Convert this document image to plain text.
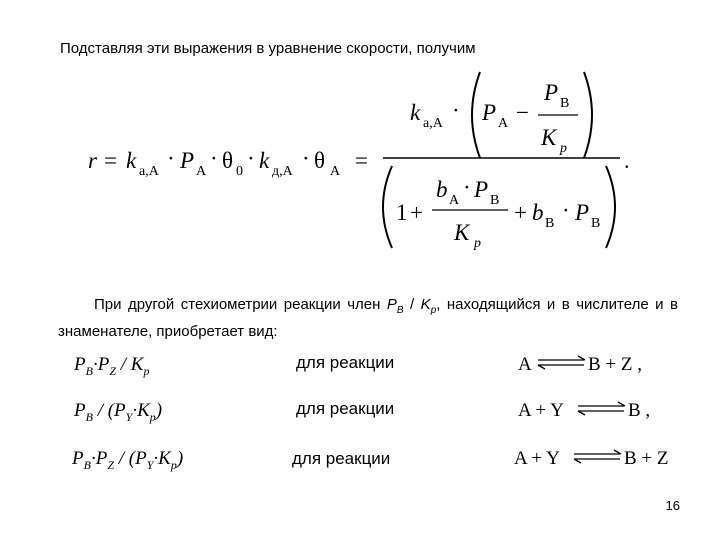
Подставляя эти выражения в уравнение скорости, получим
r = k а,А
· P А
· θ 0
· k д,А
· θ А =	.
k а,А
· P А −
P В
K p
1 +
b А
· P В
K p
+ b В
· P В
При другой стехиометрии реакции член $P_B / K_p$, находящийся и в числителе и в знаменателе, приобретает вид:
$P_В\cdot P_Z / K_p$	для реакции	A	B + Z ,
$P_В / (P_Y\cdot K_p)$	для реакции	A + Y	B ,
$P_В\cdot P_Z / (P_Y\cdot K_p)$	для реакции	A + Y	B + Z
16
